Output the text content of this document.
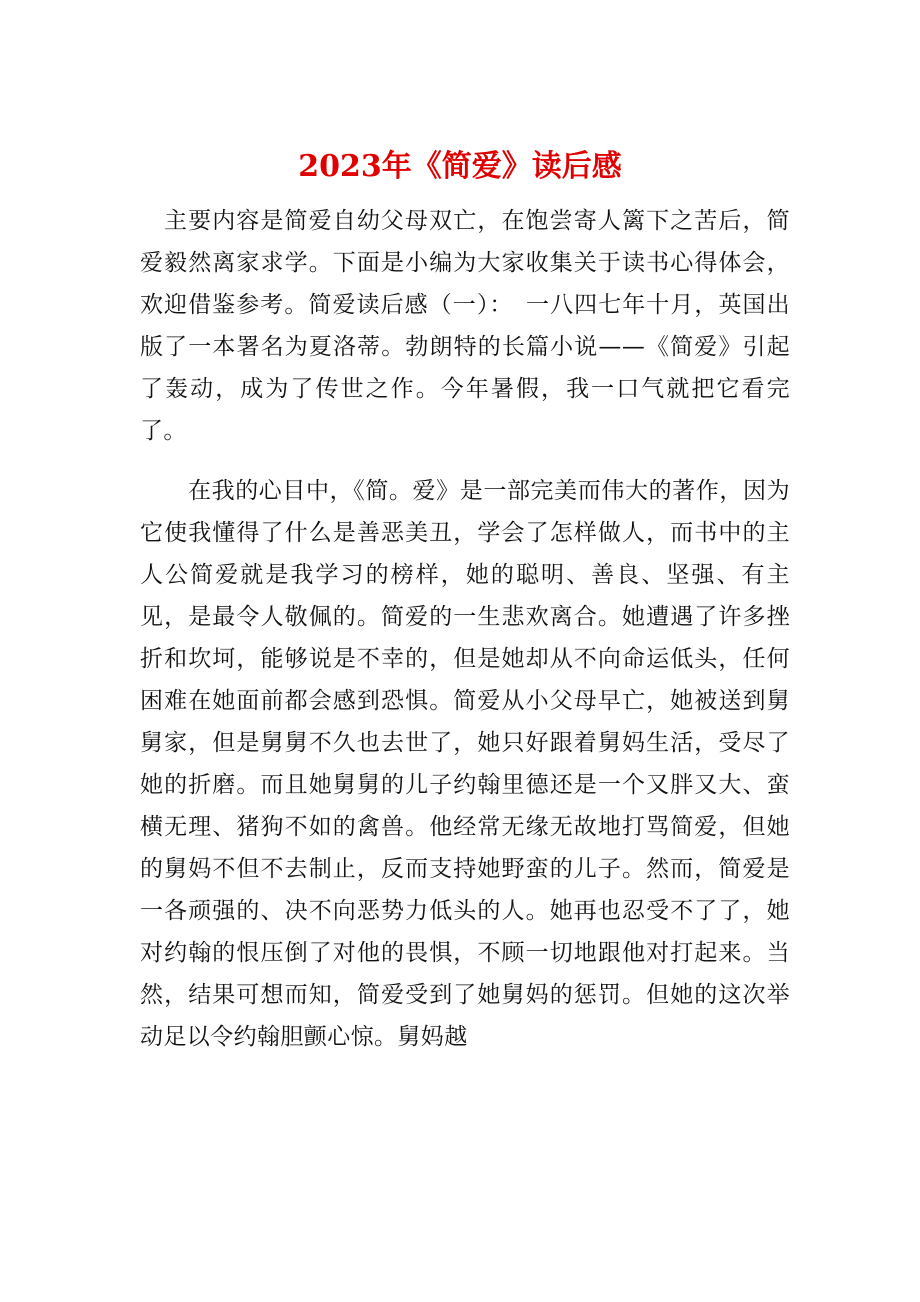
2023年《简爱》读后感

主要内容是简爱自幼父母双亡，在饱尝寄人篱下之苦后，简爱毅然离家求学。下面是小编为大家收集关于读书心得体会，欢迎借鉴参考。简爱读后感（一）：　一八四七年十月，英国出版了一本署名为夏洛蒂。勃朗特的长篇小说——《简爱》引起了轰动，成为了传世之作。今年暑假，我一口气就把它看完了。

在我的心目中，《简。爱》是一部完美而伟大的著作，因为它使我懂得了什么是善恶美丑，学会了怎样做人，而书中的主人公简爱就是我学习的榜样，她的聪明、善良、坚强、有主见，是最令人敬佩的。简爱的一生悲欢离合。她遭遇了许多挫折和坎坷，能够说是不幸的，但是她却从不向命运低头，任何困难在她面前都会感到恐惧。简爱从小父母早亡，她被送到舅舅家，但是舅舅不久也去世了，她只好跟着舅妈生活，受尽了她的折磨。而且她舅舅的儿子约翰里德还是一个又胖又大、蛮横无理、猪狗不如的禽兽。他经常无缘无故地打骂简爱，但她的舅妈不但不去制止，反而支持她野蛮的儿子。然而，简爱是一各顽强的、决不向恶势力低头的人。她再也忍受不了了，她对约翰的恨压倒了对他的畏惧，不顾一切地跟他对打起来。当然，结果可想而知，简爱受到了她舅妈的惩罚。但她的这次举动足以令约翰胆颤心惊。舅妈越
